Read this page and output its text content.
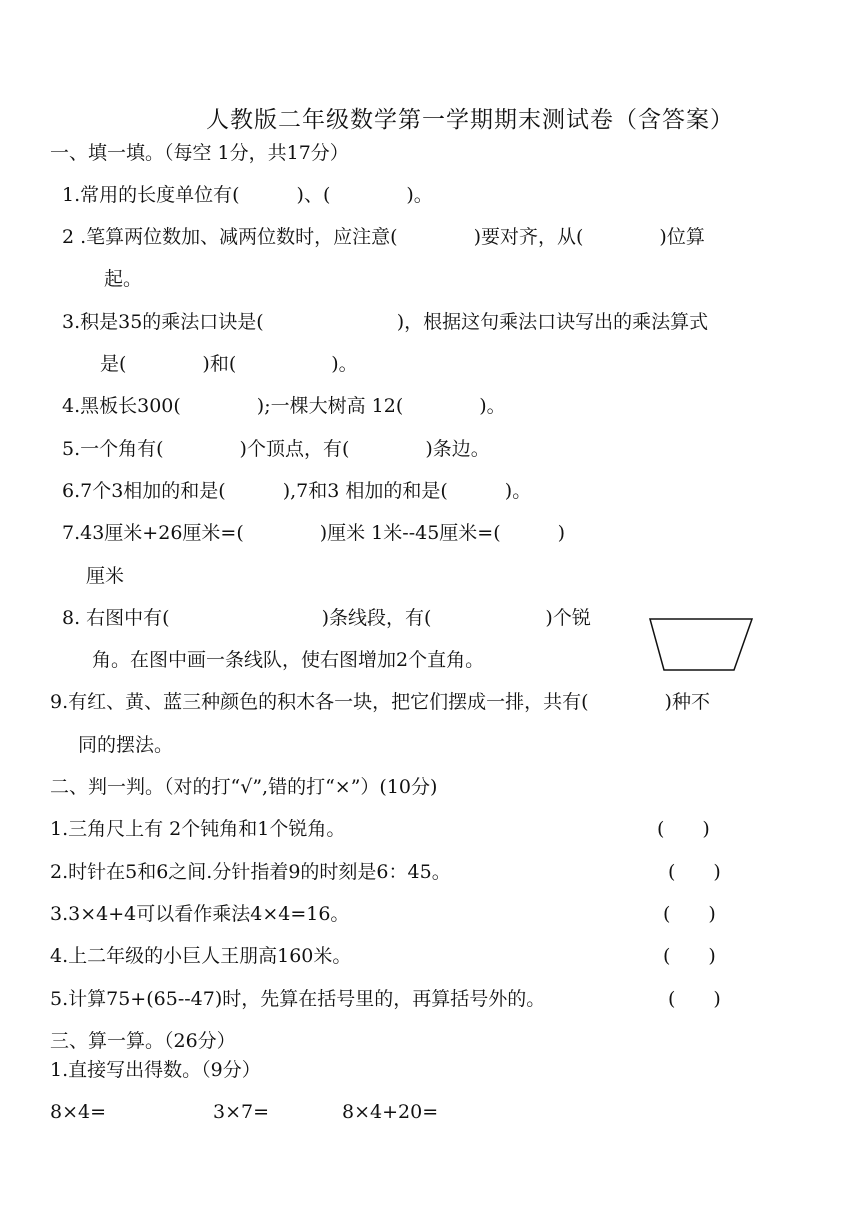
人教版二年级数学第一学期期末测试卷（含答案）
一、填一填。（每空 1分，共17分）
1.常用的长度单位有(　　　)、(　　　　)。
2 .笔算两位数加、减两位数时，应注意(　　　　)要对齐，从(　　　　)位算
起。
3.积是35的乘法口诀是(　　　　　　　)，根据这句乘法口诀写出的乘法算式
是(　　　　)和(　　　　　)。
4.黑板长300(　　　　);一棵大树高 12(　　　　)。
5.一个角有(　　　　)个顶点，有(　　　　)条边。
6.7个3相加的和是(　　　),7和3 相加的和是(　　　)。
7.43厘米+26厘米=(　　　　)厘米 1米--45厘米=(　　　)
厘米
8. 右图中有(　　　　　　　　)条线段，有(　　　　　　)个锐
角。在图中画一条线队，使右图增加2个直角。
9.有红、黄、蓝三种颜色的积木各一块，把它们摆成一排，共有(　　　　)种不
同的摆法。
二、判一判。（对的打“√”,错的打“×”）(10分)
1.三角尺上有 2个钝角和1个锐角。	(　　)
2.时针在5和6之间.分针指着9的时刻是6：45。	(　　)
3.3×4+4可以看作乘法4×4=16。	(　　)
4.上二年级的小巨人王朋高160米。	(　　)
5.计算75+(65--47)时，先算在括号里的，再算括号外的。	(　　)
三、算一算。（26分）
1.直接写出得数。（9分）
8×4=	3×7=	8×4+20=
